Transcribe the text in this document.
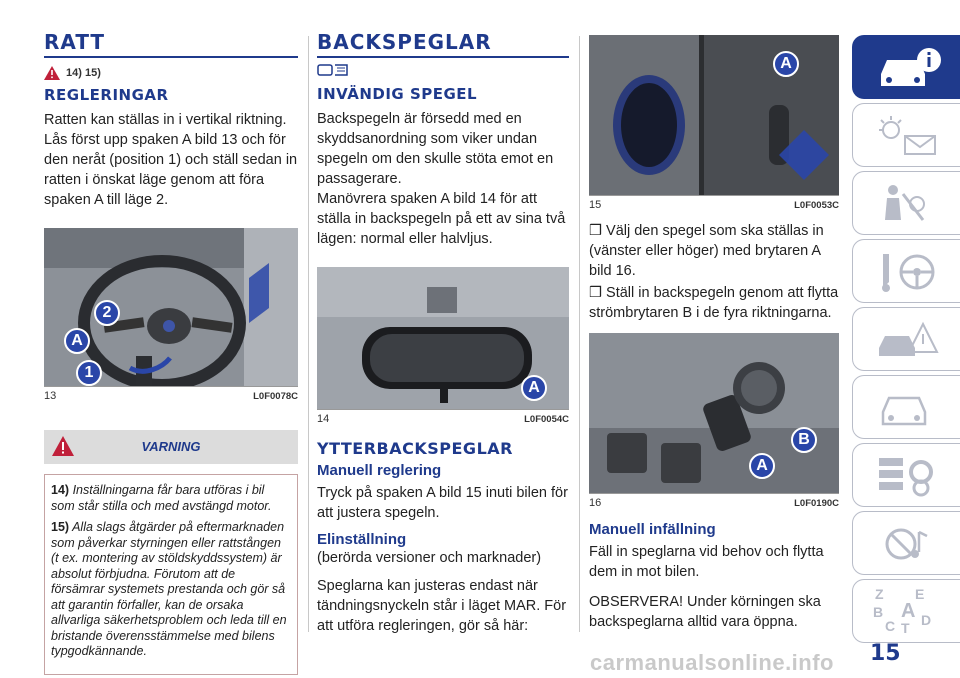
RATT
14) 15)
REGLERINGAR
Ratten kan ställas in i vertikal riktning. Lås först upp spaken A bild 13 och för den neråt (position 1) och ställ sedan in ratten i önskat läge genom att föra spaken A till läge 2.
2
A
1
13	L0F0078C
VARNING
14) Inställningarna får bara utföras i bil som står stilla och med avstängd motor.
15) Alla slags åtgärder på eftermarknaden som påverkar styrningen eller rattstången (t ex. montering av stöldskyddssystem) är absolut förbjudna. Förutom att de försämrar systemets prestanda och gör så att garantin förfaller, kan de orsaka allvarliga säkerhetsproblem och leda till en bristande överensstämmelse med bilens typgodkännande.
BACKSPEGLAR
INVÄNDIG SPEGEL
Backspegeln är försedd med en skyddsanordning som viker undan spegeln om den skulle stöta emot en passagerare.
Manövrera spaken A bild 14 för att ställa in backspegeln på ett av sina två lägen: normal eller halvljus.
A
14	L0F0054C
YTTERBACKSPEGLAR
Manuell reglering
Tryck på spaken A bild 15 inuti bilen för att justera spegeln.
Elinställning
(berörda versioner och marknader)
Speglarna kan justeras endast när tändningsnyckeln står i läget MAR. För att utföra regleringen, gör så här:
A
15	L0F0053C
❒ Välj den spegel som ska ställas in (vänster eller höger) med brytaren A bild 16.
❒ Ställ in backspegeln genom att flytta strömbrytaren B i de fyra riktningarna.
B
A
16	L0F0190C
Manuell infällning
Fäll in speglarna vid behov och flytta dem in mot bilen.
OBSERVERA! Under körningen ska backspeglarna alltid vara öppna.
Z E
B A
C T D
15
carmanualsonline.info
